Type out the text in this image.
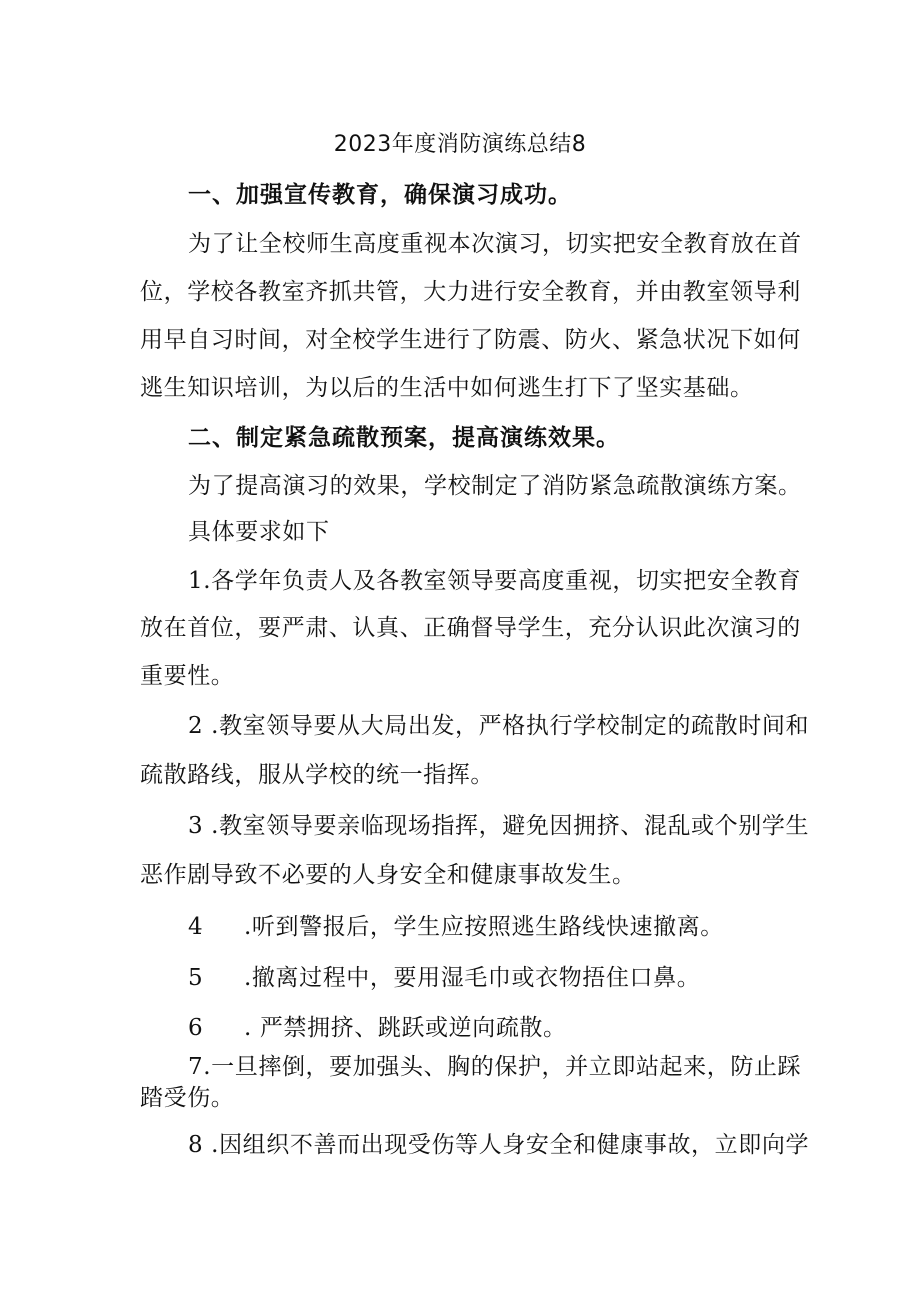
2023年度消防演练总结8
一、加强宣传教育，确保演习成功。
为了让全校师生高度重视本次演习，切实把安全教育放在首
位，学校各教室齐抓共管，大力进行安全教育，并由教室领导利
用早自习时间，对全校学生进行了防震、防火、紧急状况下如何
逃生知识培训，为以后的生活中如何逃生打下了坚实基础。
二、制定紧急疏散预案，提高演练效果。
为了提高演习的效果，学校制定了消防紧急疏散演练方案。
具体要求如下
1.各学年负责人及各教室领导要高度重视，切实把安全教育
放在首位，要严肃、认真、正确督导学生，充分认识此次演习的
重要性。
2 .教室领导要从大局出发，严格执行学校制定的疏散时间和
疏散路线，服从学校的统一指挥。
3 .教室领导要亲临现场指挥，避免因拥挤、混乱或个别学生
恶作剧导致不必要的人身安全和健康事故发生。
4 .听到警报后，学生应按照逃生路线快速撤离。
5 .撤离过程中，要用湿毛巾或衣物捂住口鼻。
6 . 严禁拥挤、跳跃或逆向疏散。
7.一旦摔倒，要加强头、胸的保护，并立即站起来，防止踩
踏受伤。
8 .因组织不善而出现受伤等人身安全和健康事故，立即向学
